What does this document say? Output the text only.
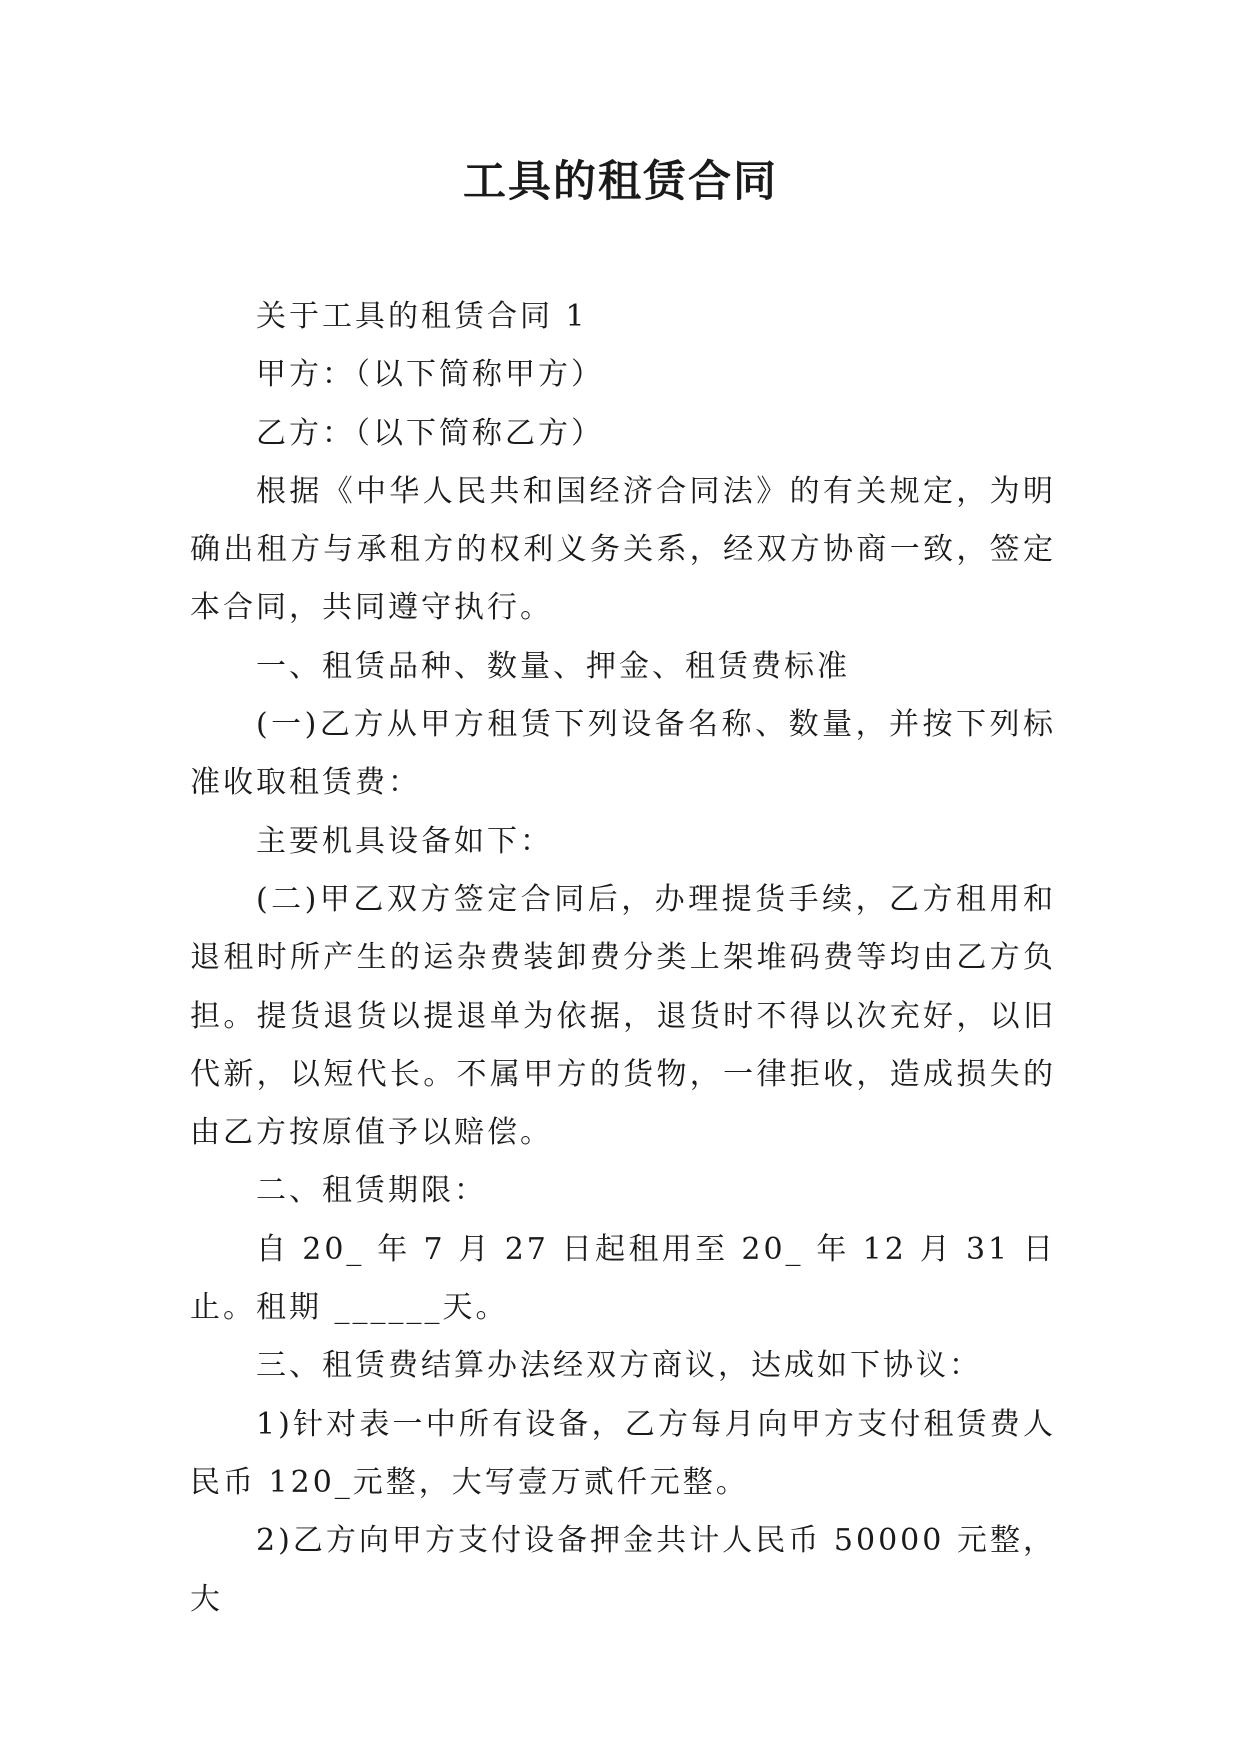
工具的租赁合同

关于工具的租赁合同 1

甲方：（以下简称甲方）

乙方：（以下简称乙方）

根据《中华人民共和国经济合同法》的有关规定，为明确出租方与承租方的权利义务关系，经双方协商一致，签定本合同，共同遵守执行。

一、租赁品种、数量、押金、租赁费标准

(一)乙方从甲方租赁下列设备名称、数量，并按下列标准收取租赁费：

主要机具设备如下：

(二)甲乙双方签定合同后，办理提货手续，乙方租用和退租时所产生的运杂费装卸费分类上架堆码费等均由乙方负担。提货退货以提退单为依据，退货时不得以次充好，以旧代新，以短代长。不属甲方的货物，一律拒收，造成损失的由乙方按原值予以赔偿。

二、租赁期限：

自 20_ 年 7 月 27 日起租用至 20_ 年 12 月 31 日止。租期 ______天。

三、租赁费结算办法经双方商议，达成如下协议：

1)针对表一中所有设备，乙方每月向甲方支付租赁费人民币 120_元整，大写壹万贰仟元整。

2)乙方向甲方支付设备押金共计人民币 50000 元整，大
